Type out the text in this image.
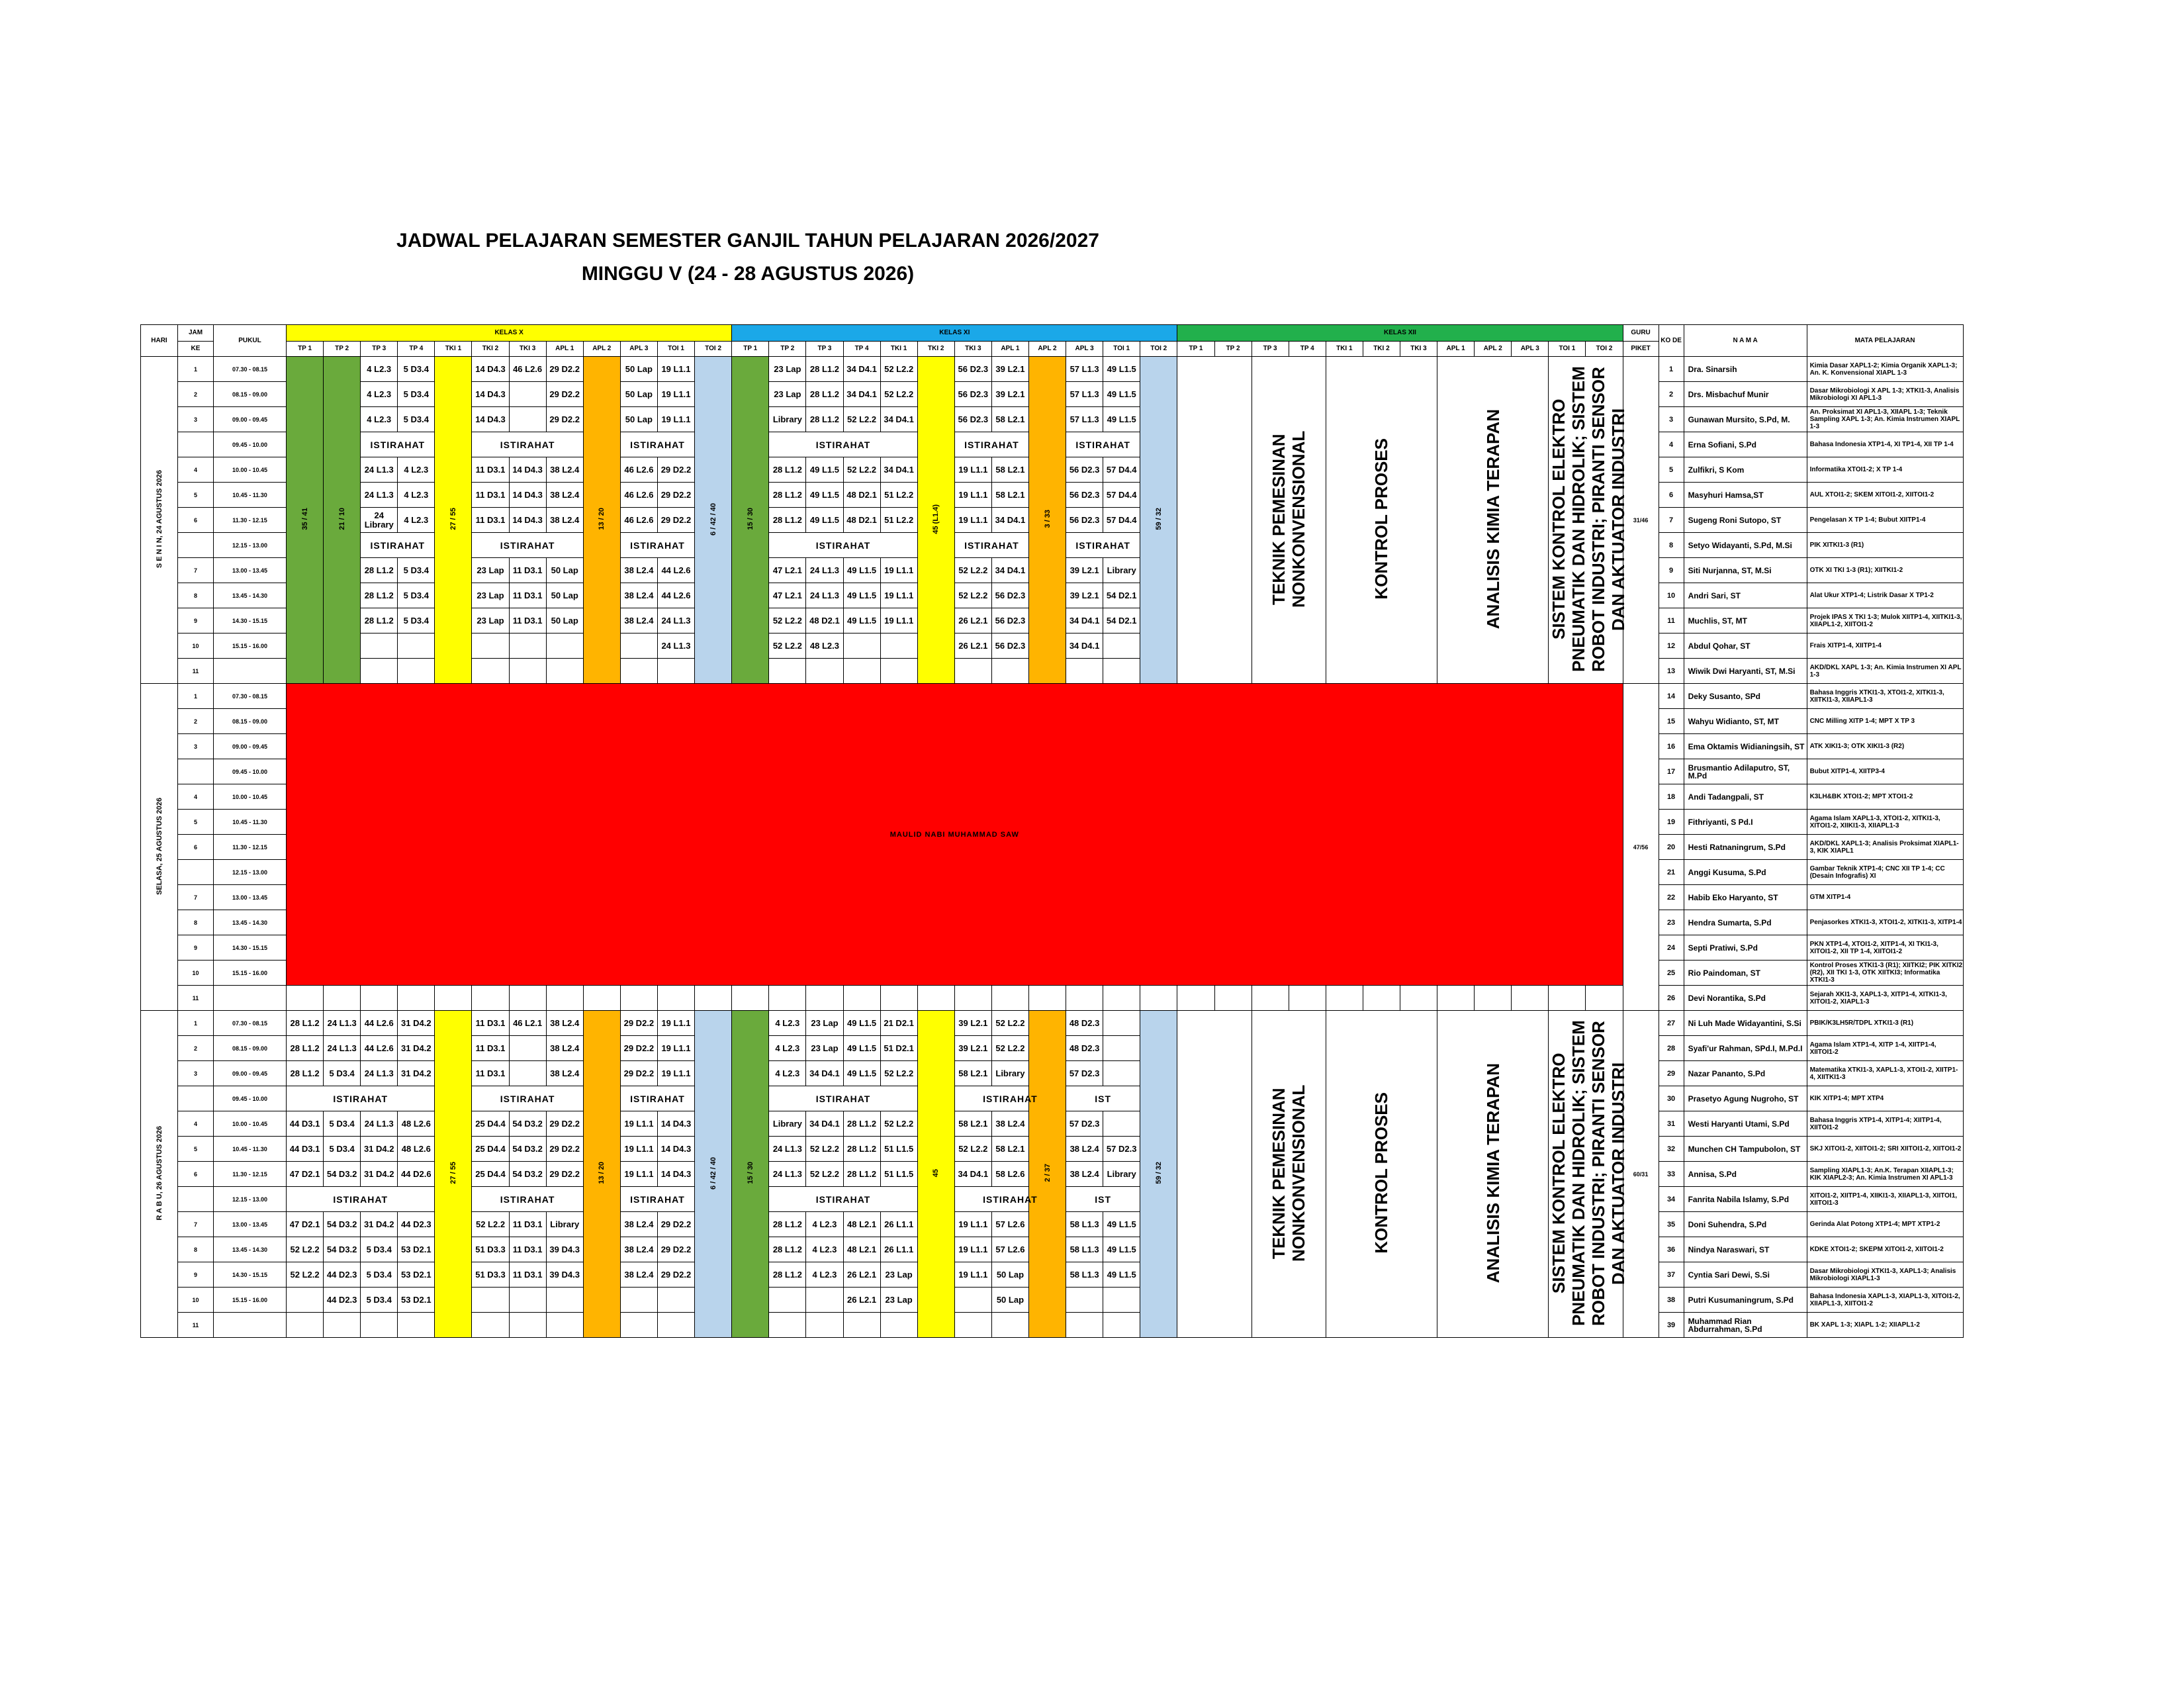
JADWAL PELAJARAN SEMESTER GANJIL TAHUN PELAJARAN 2026/2027
MINGGU V (24 - 28 AGUSTUS 2026)
HARI	JAM	PUKUL	KELAS X												KELAS XI												KELAS XII												GURU	KO DE	N A M A	MATA PELAJARAN
	KE		TP 1	TP 2	TP 3	TP 4	TKI 1	TKI 2	TKI 3	APL 1	APL 2	APL 3	TOI 1	TOI 2	TP 1	TP 2	TP 3	TP 4	TKI 1	TKI 2	TKI 3	APL 1	APL 2	APL 3	TOI 1	TOI 2	TP 1	TP 2	TP 3	TP 4	TKI 1	TKI 2	TKI 3	APL 1	APL 2	APL 3	TOI 1	TOI 2	PIKET			
S E N I N, 24 AGUSTUS 2026	1	07.30 - 08.15	35 / 41	21 / 10	4 L2.3	5 D3.4	27 / 55	14 D4.3	46 L2.6	29 D2.2	13 / 20	50 Lap	19 L1.1	6 / 42 / 40	15 / 30	23 Lap	28 L1.2	34 D4.1	52 L2.2	45 (L1.4)	56 D2.3	39 L2.1	3 / 33	57 L1.3	49 L1.5	59 / 32			TEKNIK PEMESINAN NONKONVENSIONAL		KONTROL PROSES			ANALISIS KIMIA TERAPAN			SISTEM KONTROL ELEKTRO PNEUMATIK DAN HIDROLIK; SISTEM ROBOT INDUSTRI; PIRANTI SENSOR DAN AKTUATOR INDUSTRI		31/46	1	Dra. Sinarsih	Kimia Dasar XAPL1-2; Kimia Organik XAPL1-3; An. K. Konvensional XIAPL 1-3
	2	08.15 - 09.00			4 L2.3	5 D3.4		14 D4.3		29 D2.2		50 Lap	19 L1.1			23 Lap	28 L1.2	34 D4.1	52 L2.2		56 D2.3	39 L2.1		57 L1.3	49 L1.5															2	Drs. Misbachuf Munir	Dasar Mikrobiologi X APL 1-3; XTKI1-3, Analisis Mikrobiologi XI APL1-3
	3	09.00 - 09.45			4 L2.3	5 D3.4		14 D4.3		29 D2.2		50 Lap	19 L1.1			Library	28 L1.2	52 L2.2	34 D4.1		56 D2.3	58 L2.1		57 L1.3	49 L1.5															3	Gunawan Mursito, S.Pd, M.	An. Proksimat XI APL1-3, XIIAPL 1-3; Teknik Sampling XAPL 1-3; An. Kimia Instrumen XIAPL 1-3
		09.45 - 10.00			ISTIRAHAT			ISTIRAHAT				ISTIRAHAT				ISTIRAHAT					ISTIRAHAT			ISTIRAHAT																4	Erna Sofiani, S.Pd	Bahasa Indonesia XTP1-4, XI TP1-4, XII TP 1-4
	4	10.00 - 10.45			24 L1.3	4 L2.3		11 D3.1	14 D4.3	38 L2.4		46 L2.6	29 D2.2			28 L1.2	49 L1.5	52 L2.2	34 D4.1		19 L1.1	58 L2.1		56 D2.3	57 D4.4															5	Zulfikri, S Kom	Informatika XTOI1-2; X TP 1-4
	5	10.45 - 11.30			24 L1.3	4 L2.3		11 D3.1	14 D4.3	38 L2.4		46 L2.6	29 D2.2			28 L1.2	49 L1.5	48 D2.1	51 L2.2		19 L1.1	58 L2.1		56 D2.3	57 D4.4															6	Masyhuri Hamsa,ST	AUL XTOI1-2; SKEM XITOI1-2, XIITOI1-2
	6	11.30 - 12.15			24 Library	4 L2.3		11 D3.1	14 D4.3	38 L2.4		46 L2.6	29 D2.2			28 L1.2	49 L1.5	48 D2.1	51 L2.2		19 L1.1	34 D4.1		56 D2.3	57 D4.4															7	Sugeng Roni Sutopo, ST	Pengelasan X TP 1-4; Bubut XIITP1-4
		12.15 - 13.00			ISTIRAHAT			ISTIRAHAT				ISTIRAHAT				ISTIRAHAT					ISTIRAHAT			ISTIRAHAT																8	Setyo Widayanti, S.Pd, M.Si	PIK XITKI1-3 (R1)
	7	13.00 - 13.45			28 L1.2	5 D3.4		23 Lap	11 D3.1	50 Lap		38 L2.4	44 L2.6			47 L2.1	24 L1.3	49 L1.5	19 L1.1		52 L2.2	34 D4.1		39 L2.1	Library															9	Siti Nurjanna, ST, M.Si	OTK XI TKI 1-3 (R1); XIITKI1-2
	8	13.45 - 14.30			28 L1.2	5 D3.4		23 Lap	11 D3.1	50 Lap		38 L2.4	44 L2.6			47 L2.1	24 L1.3	49 L1.5	19 L1.1		52 L2.2	56 D2.3		39 L2.1	54 D2.1															10	Andri Sari, ST	Alat Ukur XTP1-4; Listrik Dasar X TP1-2
	9	14.30 - 15.15			28 L1.2	5 D3.4		23 Lap	11 D3.1	50 Lap		38 L2.4	24 L1.3			52 L2.2	48 D2.1	49 L1.5	19 L1.1		26 L2.1	56 D2.3		34 D4.1	54 D2.1															11	Muchlis, ST, MT	Projek IPAS X TKI 1-3; Mulok XIITP1-4, XIITKI1-3, XIIAPL1-2, XIITOI1-2
	10	15.15 - 16.00											24 L1.3			52 L2.2	48 L2.3				26 L2.1	56 D2.3		34 D4.1																12	Abdul Qohar, ST	Frais XITP1-4, XIITP1-4
	11																																							13	Wiwik Dwi Haryanti, ST, M.Si	AKD/DKL XAPL 1-3; An. Kimia Instrumen XI APL 1-3
SELASA, 25 AGUSTUS 2026	1	07.30 - 08.15	MAULID NABI MUHAMMAD SAW																																				47/56	14	Deky Susanto, SPd	Bahasa Inggris XTKI1-3, XTOI1-2, XITKI1-3, XIITKI1-3, XIIAPL1-3
	2	08.15 - 09.00																																						15	Wahyu Widianto, ST, MT	CNC Milling XITP 1-4; MPT X TP 3
	3	09.00 - 09.45																																						16	Ema Oktamis Widianingsih, ST	ATK XIKI1-3; OTK XIKI1-3 (R2)
		09.45 - 10.00																																						17	Brusmantio Adilaputro, ST, M.Pd	Bubut XITP1-4, XIITP3-4
	4	10.00 - 10.45																																						18	Andi Tadangpali, ST	K3LH&BK XTOI1-2; MPT XTOI1-2
	5	10.45 - 11.30																																						19	Fithriyanti, S Pd.I	Agama Islam XAPL1-3, XTOI1-2, XITKI1-3, XITOI1-2, XIIKI1-3, XIIAPL1-3
	6	11.30 - 12.15																																						20	Hesti Ratnaningrum, S.Pd	AKD/DKL XAPL1-3; Analisis Proksimat XIAPL1-3, KIK XIAPL1
		12.15 - 13.00																																						21	Anggi Kusuma, S.Pd	Gambar Teknik XTP1-4; CNC XII TP 1-4; CC (Desain Infografis) XI
	7	13.00 - 13.45																																						22	Habib Eko Haryanto, ST	GTM XITP1-4
	8	13.45 - 14.30																																						23	Hendra Sumarta, S.Pd	Penjasorkes XTKI1-3, XTOI1-2, XITKI1-3, XITP1-4
	9	14.30 - 15.15																																						24	Septi Pratiwi, S.Pd	PKN XTP1-4, XTOI1-2, XITP1-4, XI TKI1-3, XITOI1-2, XII TP 1-4, XIITOI1-2
	10	15.15 - 16.00																																						25	Rio Paindoman, ST	Kontrol Proses XTKI1-3 (R1); XIITKI2; PIK XITKI2 (R2), XII TKI 1-3, OTK XIITKI3; Informatika XTKI1-3
	11																																							26	Devi Norantika, S.Pd	Sejarah XKI1-3, XAPL1-3, XITP1-4, XITKI1-3, XITOI1-2, XIAPL1-3
R A B U, 26 AGUSTUS 2026	1	07.30 - 08.15	28 L1.2	24 L1.3	44 L2.6	31 D4.2	27 / 55	11 D3.1	46 L2.1	38 L2.4	13 / 20	29 D2.2	19 L1.1	6 / 42 / 40	15 / 30	4 L2.3	23 Lap	49 L1.5	21 D2.1	45	39 L2.1	52 L2.2	2 / 37	48 D2.3		59 / 32			TEKNIK PEMESINAN NONKONVENSIONAL		KONTROL PROSES			ANALISIS KIMIA TERAPAN			SISTEM KONTROL ELEKTRO PNEUMATIK DAN HIDROLIK; SISTEM ROBOT INDUSTRI; PIRANTI SENSOR DAN AKTUATOR INDUSTRI		60/31	27	Ni Luh Made Widayantini, S.Si	PBIK/K3LH5R/TDPL XTKI1-3 (R1)
	2	08.15 - 09.00	28 L1.2	24 L1.3	44 L2.6	31 D4.2		11 D3.1		38 L2.4		29 D2.2	19 L1.1			4 L2.3	23 Lap	49 L1.5	51 D2.1		39 L2.1	52 L2.2		48 D2.3																28	Syafi'ur Rahman, SPd.I, M.Pd.I	Agama Islam XTP1-4, XITP 1-4, XIITP1-4, XIITOI1-2
	3	09.00 - 09.45	28 L1.2	5 D3.4	24 L1.3	31 D4.2		11 D3.1		38 L2.4		29 D2.2	19 L1.1			4 L2.3	34 D4.1	49 L1.5	52 L2.2		58 L2.1	Library		57 D2.3																29	Nazar Pananto, S.Pd	Matematika XTKI1-3, XAPL1-3, XTOI1-2, XIITP1-4, XIITKI1-3
		09.45 - 10.00	ISTIRAHAT					ISTIRAHAT				ISTIRAHAT				ISTIRAHAT					ISTIRAHAT			IST																30	Prasetyo Agung Nugroho, ST	KIK XITP1-4; MPT XTP4
	4	10.00 - 10.45	44 D3.1	5 D3.4	24 L1.3	48 L2.6		25 D4.4	54 D3.2	29 D2.2		19 L1.1	14 D4.3			Library	34 D4.1	28 L1.2	52 L2.2		58 L2.1	38 L2.4		57 D2.3																31	Westi Haryanti Utami, S.Pd	Bahasa Inggris XTP1-4, XITP1-4; XIITP1-4, XIITOI1-2
	5	10.45 - 11.30	44 D3.1	5 D3.4	31 D4.2	48 L2.6		25 D4.4	54 D3.2	29 D2.2		19 L1.1	14 D4.3			24 L1.3	52 L2.2	28 L1.2	51 L1.5		52 L2.2	58 L2.1		38 L2.4	57 D2.3															32	Munchen CH Tampubolon, ST	SKJ XITOI1-2, XIITOI1-2; SRI XIITOI1-2, XIITOI1-2
	6	11.30 - 12.15	47 D2.1	54 D3.2	31 D4.2	44 D2.6		25 D4.4	54 D3.2	29 D2.2		19 L1.1	14 D4.3			24 L1.3	52 L2.2	28 L1.2	51 L1.5		34 D4.1	58 L2.6		38 L2.4	Library															33	Annisa, S.Pd	Sampling XIAPL1-3; An.K. Terapan XIIAPL1-3; KIK XIAPL2-3; An. Kimia Instrumen XI APL1-3
		12.15 - 13.00	ISTIRAHAT					ISTIRAHAT				ISTIRAHAT				ISTIRAHAT					ISTIRAHAT			IST																34	Fanrita Nabila Islamy, S.Pd	XITOI1-2, XIITP1-4, XIIKI1-3, XIIAPL1-3, XIITOI1, XIITOI1-3
	7	13.00 - 13.45	47 D2.1	54 D3.2	31 D4.2	44 D2.3		52 L2.2	11 D3.1	Library		38 L2.4	29 D2.2			28 L1.2	4 L2.3	48 L2.1	26 L1.1		19 L1.1	57 L2.6		58 L1.3	49 L1.5															35	Doni Suhendra, S.Pd	Gerinda Alat Potong XTP1-4; MPT XTP1-2
	8	13.45 - 14.30	52 L2.2	54 D3.2	5 D3.4	53 D2.1		51 D3.3	11 D3.1	39 D4.3		38 L2.4	29 D2.2			28 L1.2	4 L2.3	48 L2.1	26 L1.1		19 L1.1	57 L2.6		58 L1.3	49 L1.5															36	Nindya Naraswari, ST	KDKE XTOI1-2; SKEPM XITOI1-2, XIITOI1-2
	9	14.30 - 15.15	52 L2.2	44 D2.3	5 D3.4	53 D2.1		51 D3.3	11 D3.1	39 D4.3		38 L2.4	29 D2.2			28 L1.2	4 L2.3	26 L2.1	23 Lap		19 L1.1	50 Lap		58 L1.3	49 L1.5															37	Cyntia Sari Dewi, S.Si	Dasar Mikrobiologi XTKI1-3, XAPL1-3; Analisis Mikrobiologi XIAPL1-3
	10	15.15 - 16.00		44 D2.3	5 D3.4	53 D2.1												26 L2.1	23 Lap			50 Lap																		38	Putri Kusumaningrum, S.Pd	Bahasa Indonesia XAPL1-3, XIAPL1-3, XITOI1-2, XIIAPL1-3, XIITOI1-2
	11																																							39	Muhammad Rian Abdurrahman, S.Pd	BK XAPL 1-3; XIAPL 1-2; XIIAPL1-2
